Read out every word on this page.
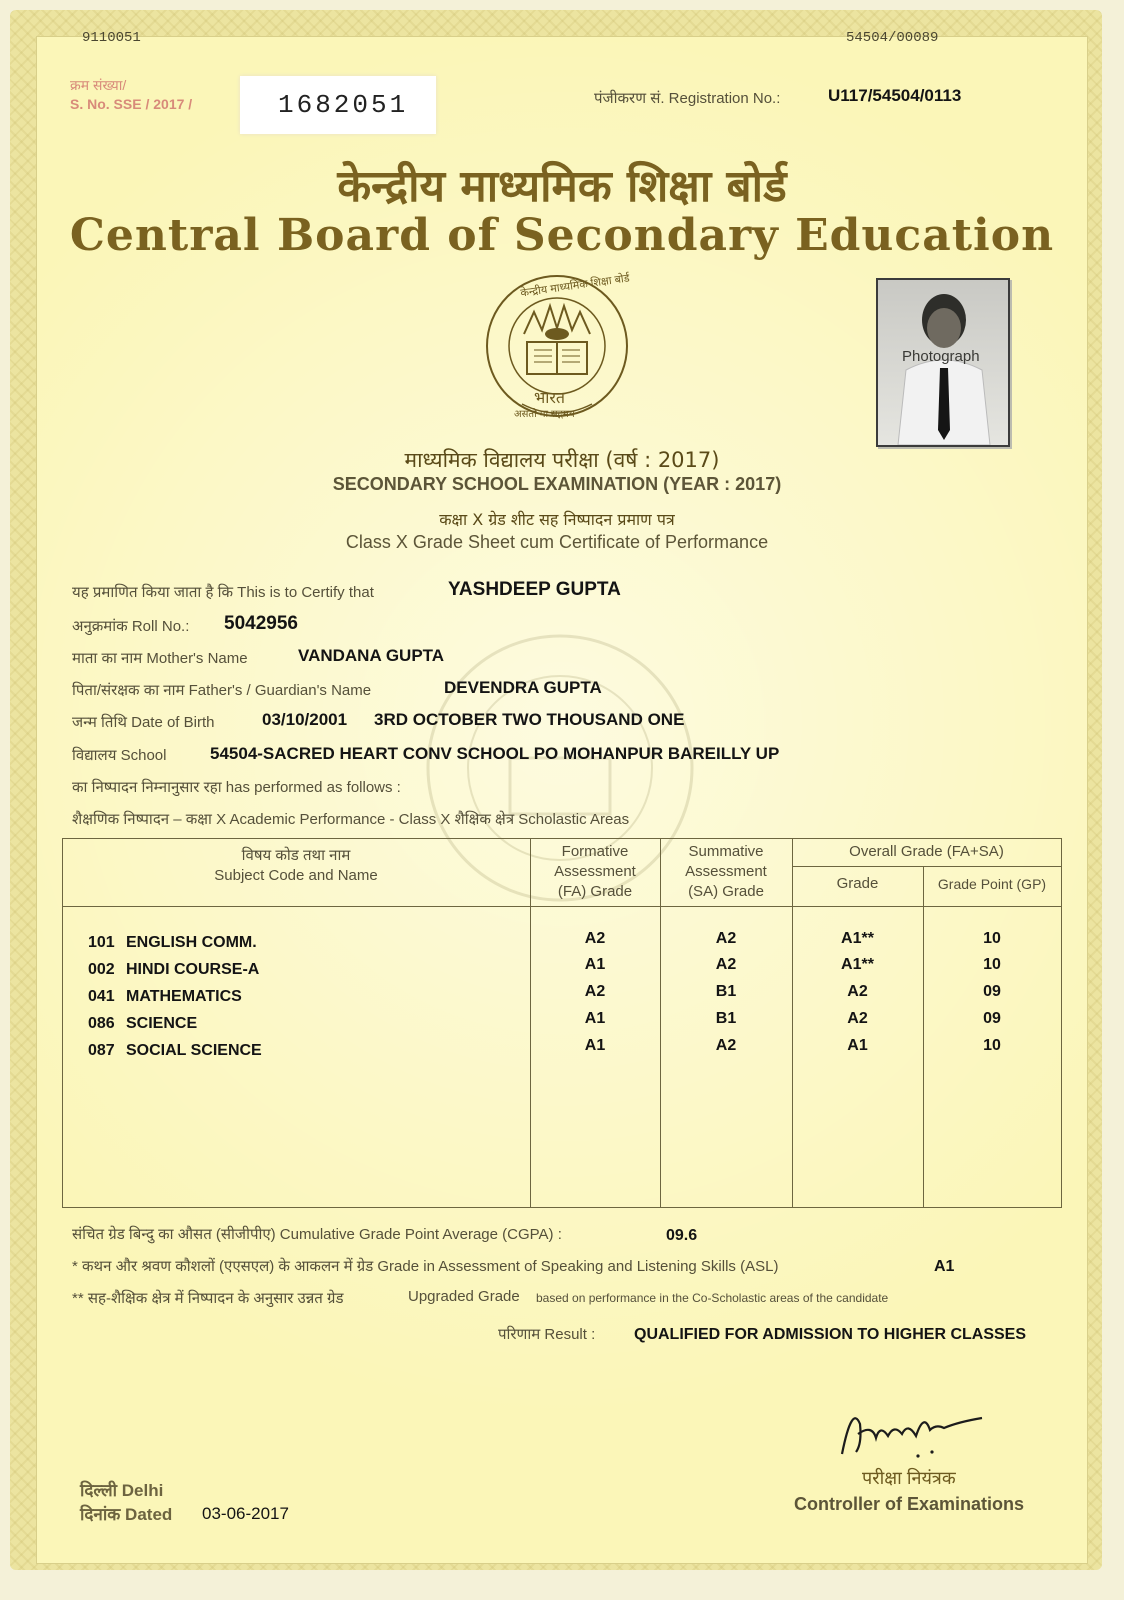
9110051	54504/00089
क्रम संख्या/
S. No. SSE / 2017 /	1682051	पंजीकरण सं. Registration No.:	U117/54504/0113
केन्द्रीय माध्यमिक शिक्षा बोर्ड
Central Board of Secondary Education
केन्द्रीय माध्यमिक शिक्षा बोर्ड
भारत
असतो मा सद्गमय
Photograph
माध्यमिक विद्यालय परीक्षा (वर्ष : 2017)
SECONDARY SCHOOL EXAMINATION (YEAR : 2017)
कक्षा X ग्रेड शीट सह निष्पादन प्रमाण पत्र
Class X Grade Sheet cum Certificate of Performance
यह प्रमाणित किया जाता है कि This is to Certify that	YASHDEEP GUPTA
अनुक्रमांक Roll No.: 5042956
माता का नाम Mother's Name	VANDANA GUPTA
पिता/संरक्षक का नाम Father's / Guardian's Name	DEVENDRA GUPTA
जन्म तिथि Date of Birth	03/10/2001 3RD OCTOBER TWO THOUSAND ONE
विद्यालय School	54504-SACRED HEART CONV SCHOOL PO MOHANPUR BAREILLY UP
का निष्पादन निम्नानुसार रहा has performed as follows :
शैक्षणिक निष्पादन – कक्षा X Academic Performance - Class X शैक्षिक क्षेत्र Scholastic Areas
विषय कोड तथा नाम
Subject Code and Name
Formative
Assessment
(FA) Grade
Summative
Assessment
(SA) Grade
Overall Grade (FA+SA)
Grade	Grade Point (GP)
101 ENGLISH COMM.	A2	A2	A1**	10
002 HINDI COURSE-A	A1	A2	A1**	10
041 MATHEMATICS	A2	B1	A2	09
086 SCIENCE	A1	B1	A2	09
087 SOCIAL SCIENCE	A1	A2	A1	10
संचित ग्रेड बिन्दु का औसत (सीजीपीए) Cumulative Grade Point Average (CGPA) :	09.6
* कथन और श्रवण कौशलों (एएसएल) के आकलन में ग्रेड Grade in Assessment of Speaking and Listening Skills (ASL)	A1
** सह-शैक्षिक क्षेत्र में निष्पादन के अनुसार उन्नत ग्रेड	Upgraded Grade based on performance in the Co-Scholastic areas of the candidate
परिणाम Result : QUALIFIED FOR ADMISSION TO HIGHER CLASSES
परीक्षा नियंत्रक
Controller of Examinations
दिल्ली Delhi
दिनांक Dated 03-06-2017
